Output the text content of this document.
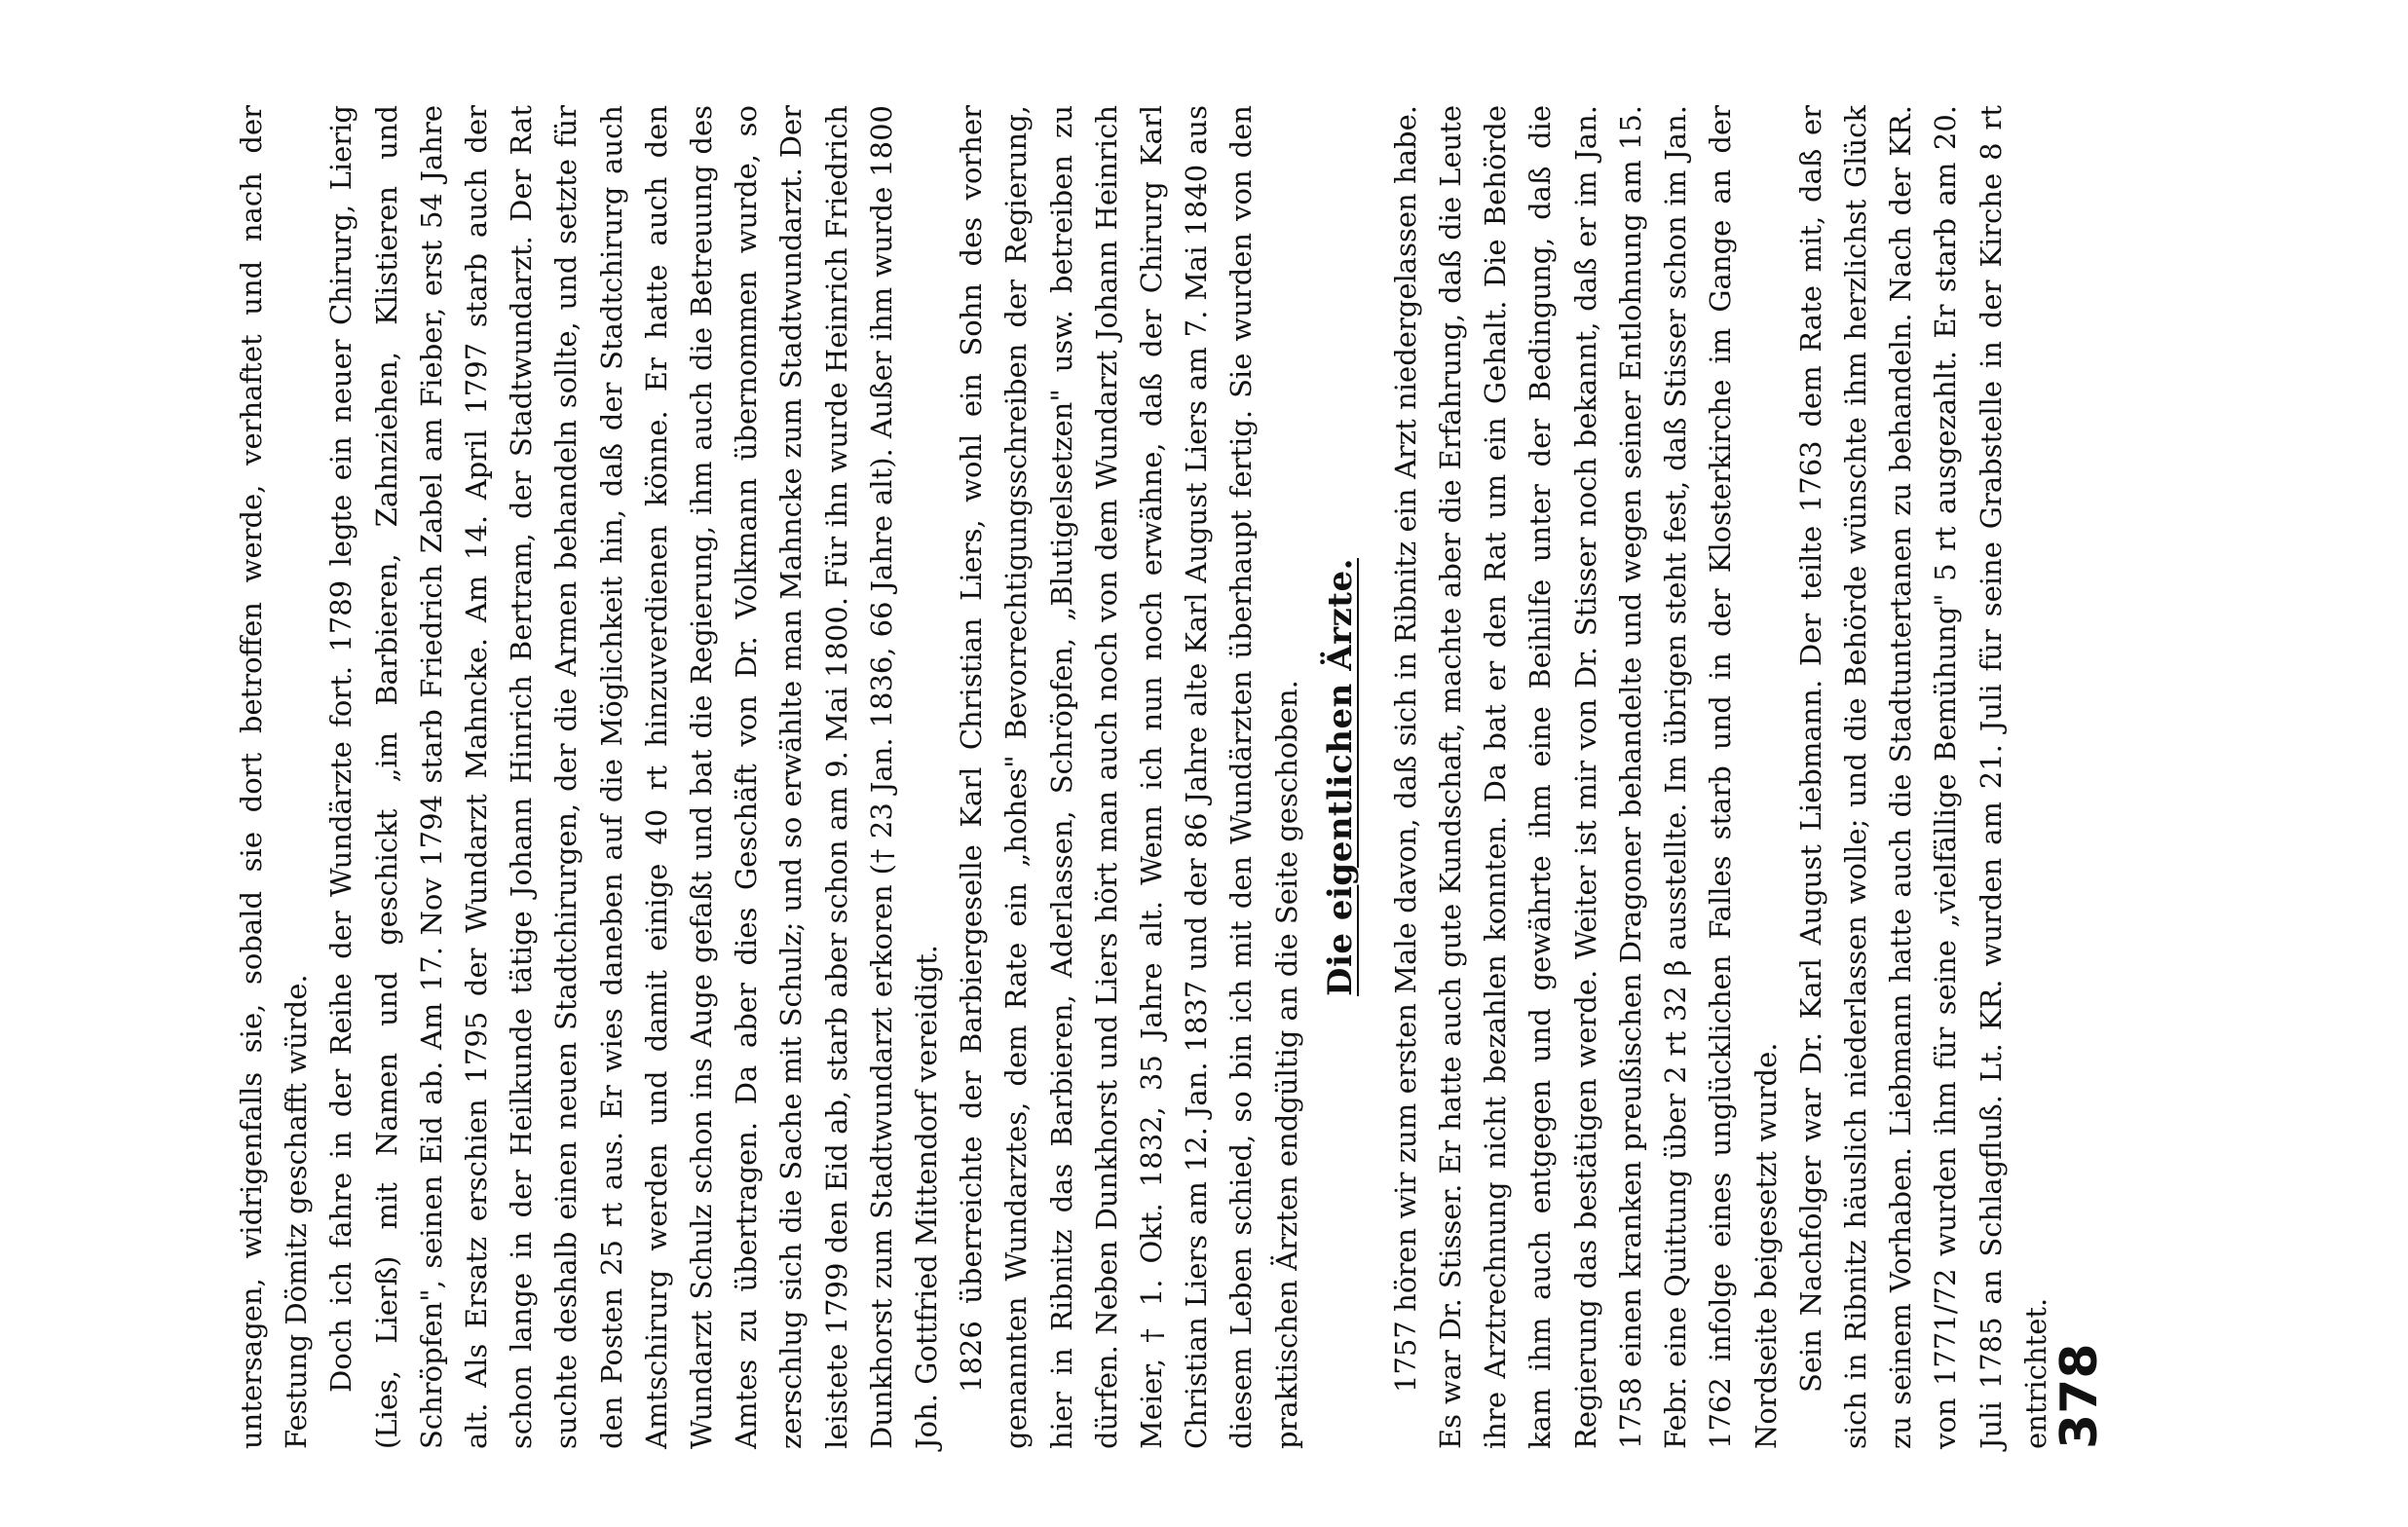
untersagen, widrigenfalls sie, sobald sie dort betroffen werde, verhaftet und nach der Festung Dömitz geschafft würde. Doch ich fahre in der Reihe der Wundärzte fort. 1789 legte ein neuer Chirurg, Lierig (Lies, Lierß) mit Namen und geschickt „im Barbieren, Zahnziehen, Klistieren und Schröpfen", seinen Eid ab. Am 17. Nov 1794 starb Friedrich Zabel am Fieber, erst 54 Jahre alt. Als Ersatz erschien 1795 der Wundarzt Mahncke. Am 14. April 1797 starb auch der schon lange in der Heilkunde tätige Johann Hinrich Bertram, der Stadtwundarzt. Der Rat suchte deshalb einen neuen Stadtchirurgen, der die Armen behandeln sollte, und setzte für den Posten 25 rt aus. Er wies daneben auf die Möglichkeit hin, daß der Stadtchirurg auch Amtschirurg werden und damit einige 40 rt hinzuverdienen könne. Er hatte auch den Wundarzt Schulz schon ins Auge gefaßt und bat die Regierung, ihm auch die Betreuung des Amtes zu übertragen. Da aber dies Geschäft von Dr. Volkmann übernommen wurde, so zerschlug sich die Sache mit Schulz; und so erwählte man Mahncke zum Stadtwundarzt. Der leistete 1799 den Eid ab, starb aber schon am 9. Mai 1800. Für ihn wurde Heinrich Friedrich Dunkhorst zum Stadtwundarzt erkoren († 23 Jan. 1836, 66 Jahre alt). Außer ihm wurde 1800 Joh. Gottfried Mittendorf vereidigt. 1826 überreichte der Barbiergeselle Karl Christian Liers, wohl ein Sohn des vorher genannten Wundarztes, dem Rate ein „hohes" Bevorrechtigungsschreiben der Regierung, hier in Ribnitz das Barbieren, Aderlassen, Schröpfen, „Blutigelsetzen" usw. betreiben zu dürfen. Neben Dunkhorst und Liers hört man auch noch von dem Wundarzt Johann Heinrich Meier, † 1. Okt. 1832, 35 Jahre alt. Wenn ich nun noch erwähne, daß der Chirurg Karl Christian Liers am 12. Jan. 1837 und der 86 Jahre alte Karl August Liers am 7. Mai 1840 aus diesem Leben schied, so bin ich mit den Wundärzten überhaupt fertig. Sie wurden von den praktischen Ärzten endgültig an die Seite geschoben. Die eigentlichen Ärzte. 1757 hören wir zum ersten Male davon, daß sich in Ribnitz ein Arzt niedergelassen habe. Es war Dr. Stisser. Er hatte auch gute Kundschaft, machte aber die Erfahrung, daß die Leute ihre Arztrechnung nicht bezahlen konnten. Da bat er den Rat um ein Gehalt. Die Behörde kam ihm auch entgegen und gewährte ihm eine Beihilfe unter der Bedingung, daß die Regierung das bestätigen werde. Weiter ist mir von Dr. Stisser noch bekannt, daß er im Jan. 1758 einen kranken preußischen Dragoner behandelte und wegen seiner Entlohnung am 15. Febr. eine Quittung über 2 rt 32 β ausstellte. Im übrigen steht fest, daß Stisser schon im Jan. 1762 infolge eines unglücklichen Falles starb und in der Klosterkirche im Gange an der Nordseite beigesetzt wurde. Sein Nachfolger war Dr. Karl August Liebmann. Der teilte 1763 dem Rate mit, daß er sich in Ribnitz häuslich niederlassen wolle; und die Behörde wünschte ihm herzlichst Glück zu seinem Vorhaben. Liebmann hatte auch die Stadtuntertanen zu behandeln. Nach der KR. von 1771/72 wurden ihm für seine „vielfällige Bemühung" 5 rt ausgezahlt. Er starb am 20. Juli 1785 an Schlagfluß. Lt. KR. wurden am 21. Juli für seine Grabstelle in der Kirche 8 rt entrichtet.

378
